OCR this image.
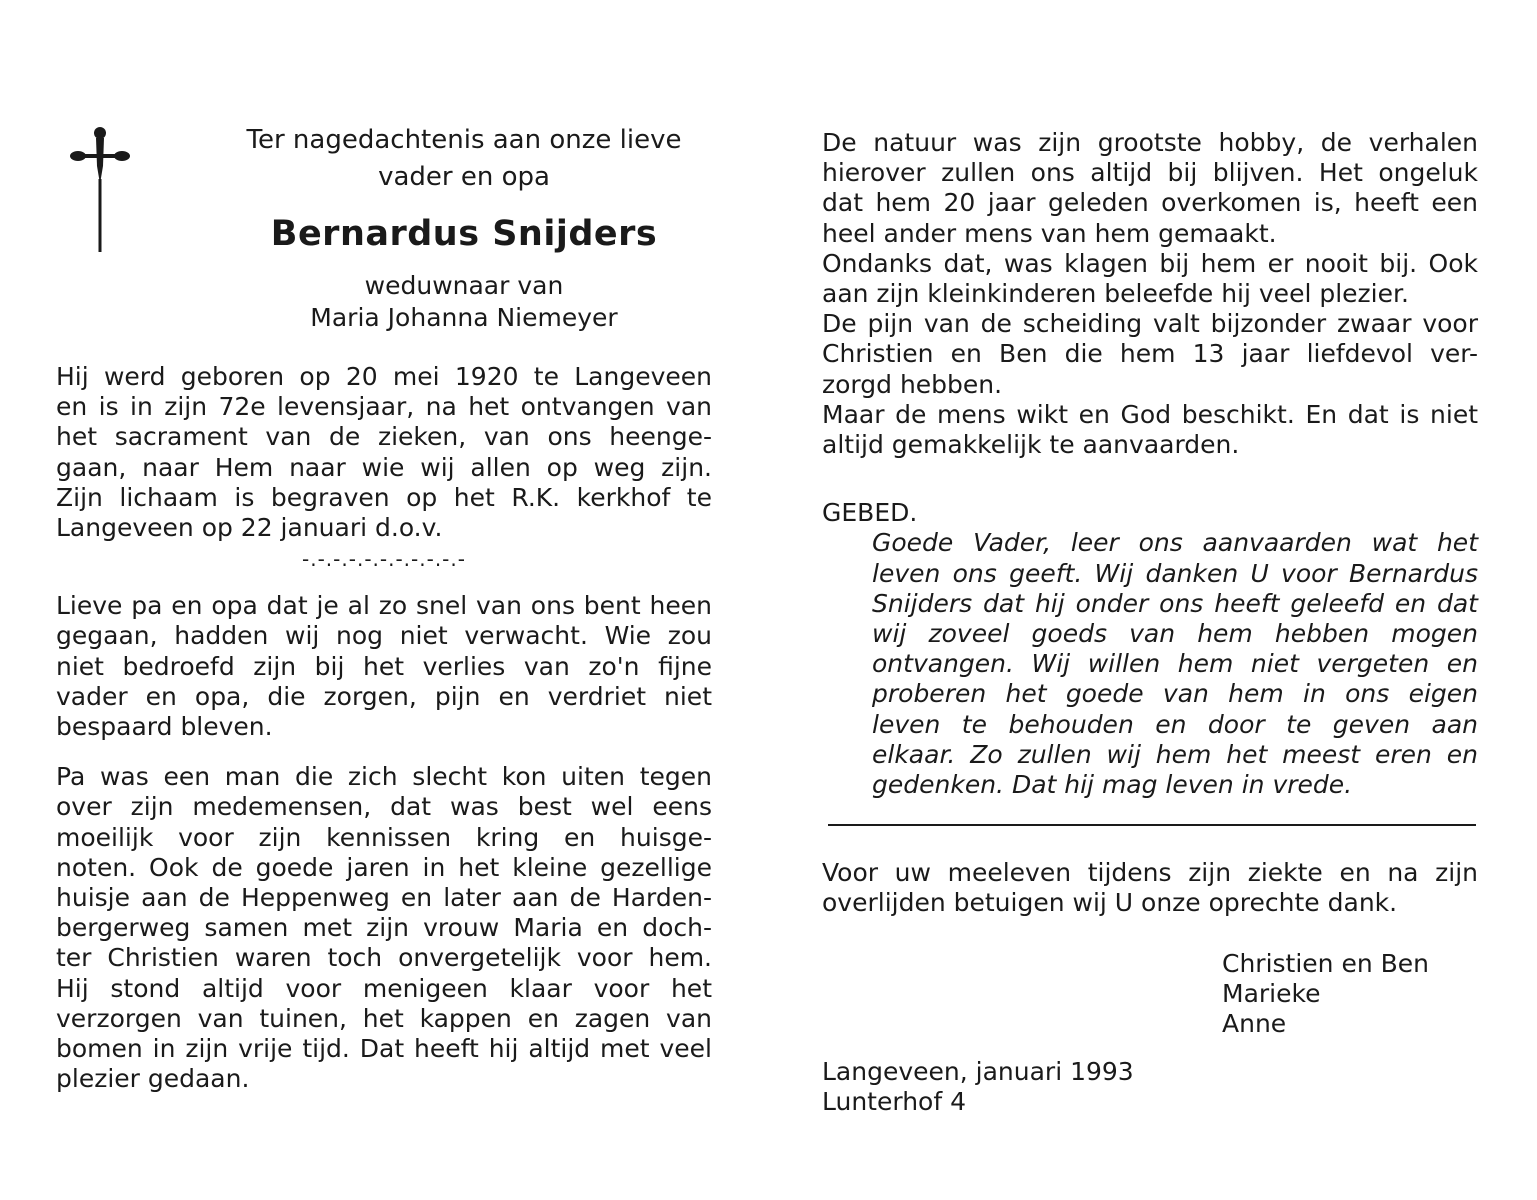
Ter nagedachtenis aan onze lieve
vader en opa
Bernardus Snijders
weduwnaar van
Maria Johanna Niemeyer
Hij werd geboren op 20 mei 1920 te Langeveen
en is in zijn 72e levensjaar, na het ontvangen van
het sacrament van de zieken, van ons heenge-
gaan, naar Hem naar wie wij allen op weg zijn.
Zijn lichaam is begraven op het R.K. kerkhof te
Langeveen op 22 januari d.o.v.
-.-.-.-.-.-.-.-.-.-.-
Lieve pa en opa dat je al zo snel van ons bent heen
gegaan, hadden wij nog niet verwacht. Wie zou
niet bedroefd zijn bij het verlies van zo'n fijne
vader en opa, die zorgen, pijn en verdriet niet
bespaard bleven.
Pa was een man die zich slecht kon uiten tegen
over zijn medemensen, dat was best wel eens
moeilijk voor zijn kennissen kring en huisge-
noten. Ook de goede jaren in het kleine gezellige
huisje aan de Heppenweg en later aan de Harden-
bergerweg samen met zijn vrouw Maria en doch-
ter Christien waren toch onvergetelijk voor hem.
Hij stond altijd voor menigeen klaar voor het
verzorgen van tuinen, het kappen en zagen van
bomen in zijn vrije tijd. Dat heeft hij altijd met veel
plezier gedaan.
De natuur was zijn grootste hobby, de verhalen
hierover zullen ons altijd bij blijven. Het ongeluk
dat hem 20 jaar geleden overkomen is, heeft een
heel ander mens van hem gemaakt.
Ondanks dat, was klagen bij hem er nooit bij. Ook
aan zijn kleinkinderen beleefde hij veel plezier.
De pijn van de scheiding valt bijzonder zwaar voor
Christien en Ben die hem 13 jaar liefdevol ver-
zorgd hebben.
Maar de mens wikt en God beschikt. En dat is niet
altijd gemakkelijk te aanvaarden.
GEBED.
Goede Vader, leer ons aanvaarden wat het
leven ons geeft. Wij danken U voor Bernardus
Snijders dat hij onder ons heeft geleefd en dat
wij zoveel goeds van hem hebben mogen
ontvangen. Wij willen hem niet vergeten en
proberen het goede van hem in ons eigen
leven te behouden en door te geven aan
elkaar. Zo zullen wij hem het meest eren en
gedenken. Dat hij mag leven in vrede.
Voor uw meeleven tijdens zijn ziekte en na zijn
overlijden betuigen wij U onze oprechte dank.
Christien en Ben
Marieke
Anne
Langeveen, januari 1993
Lunterhof 4
